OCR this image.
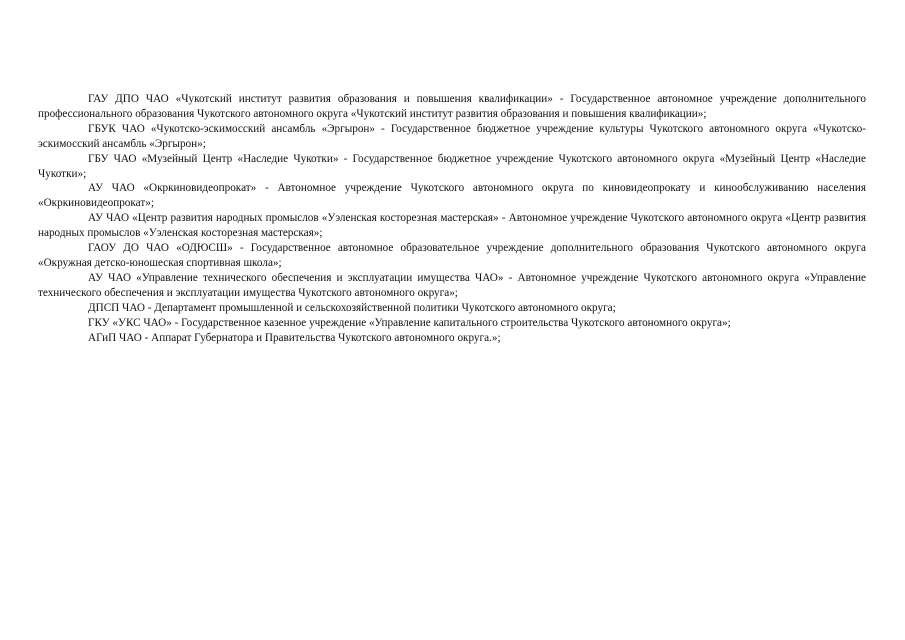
ГАУ ДПО ЧАО «Чукотский институт развития образования и повышения квалификации» - Государственное автономное учреждение дополнительного профессионального образования Чукотского автономного округа «Чукотский институт развития образования и повышения квалификации»;

ГБУК ЧАО «Чукотско-эскимосский ансамбль «Эргырон» - Государственное бюджетное учреждение культуры Чукотского автономного округа «Чукотско-эскимосский ансамбль «Эргырон»;

ГБУ ЧАО «Музейный Центр «Наследие Чукотки» - Государственное бюджетное учреждение Чукотского автономного округа «Музейный Центр «Наследие Чукотки»;

АУ ЧАО «Окркиновидеопрокат» - Автономное учреждение Чукотского автономного округа по киновидеопрокату и кинообслуживанию населения «Окркиновидеопрокат»;

АУ ЧАО «Центр развития народных промыслов «Уэленская косторезная мастерская» - Автономное учреждение Чукотского автономного округа «Центр развития народных промыслов «Уэленская косторезная мастерская»;

ГАОУ ДО ЧАО «ОДЮСШ» - Государственное автономное образовательное учреждение дополнительного образования Чукотского автономного округа «Окружная детско-юношеская спортивная школа»;

АУ ЧАО «Управление технического обеспечения и эксплуатации имущества ЧАО» - Автономное учреждение Чукотского автономного округа «Управление технического обеспечения и эксплуатации имущества Чукотского автономного округа»;

ДПСП ЧАО - Департамент промышленной и сельскохозяйственной политики Чукотского автономного округа;

ГКУ «УКС ЧАО» - Государственное казенное учреждение «Управление капитального строительства Чукотского автономного округа»;

АГиП ЧАО - Аппарат Губернатора и Правительства Чукотского автономного округа.»;
